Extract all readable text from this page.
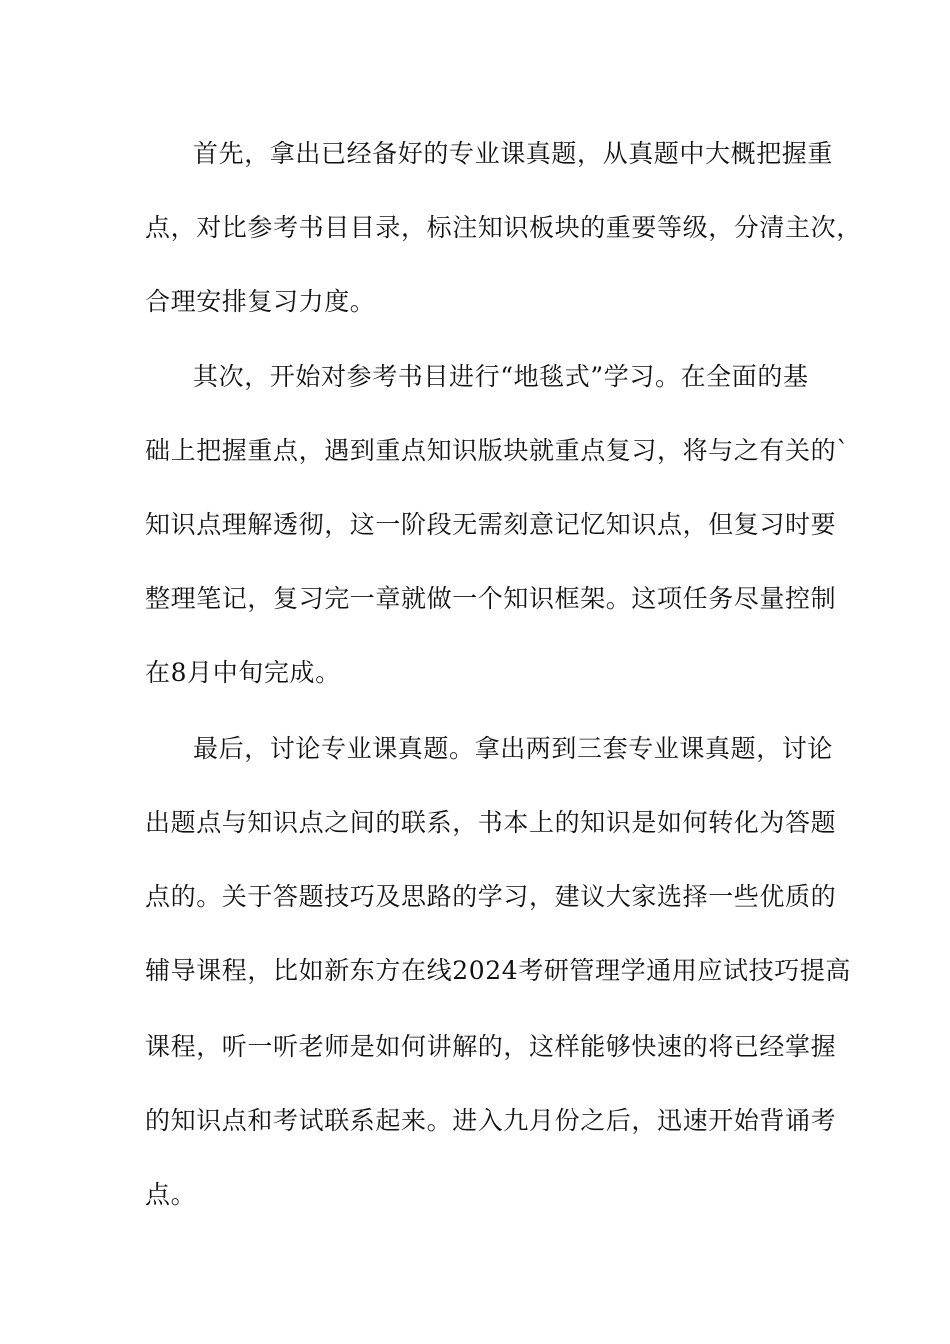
首先，拿出已经备好的专业课真题，从真题中大概把握重
点，对比参考书目目录，标注知识板块的重要等级，分清主次，
合理安排复习力度。
其次，开始对参考书目进行“地毯式”学习。在全面的基
础上把握重点，遇到重点知识版块就重点复习，将与之有关的`
知识点理解透彻，这一阶段无需刻意记忆知识点，但复习时要
整理笔记，复习完一章就做一个知识框架。这项任务尽量控制
在8月中旬完成。
最后，讨论专业课真题。拿出两到三套专业课真题，讨论
出题点与知识点之间的联系，书本上的知识是如何转化为答题
点的。关于答题技巧及思路的学习，建议大家选择一些优质的
辅导课程，比如新东方在线2024考研管理学通用应试技巧提高
课程，听一听老师是如何讲解的，这样能够快速的将已经掌握
的知识点和考试联系起来。进入九月份之后，迅速开始背诵考
点。
